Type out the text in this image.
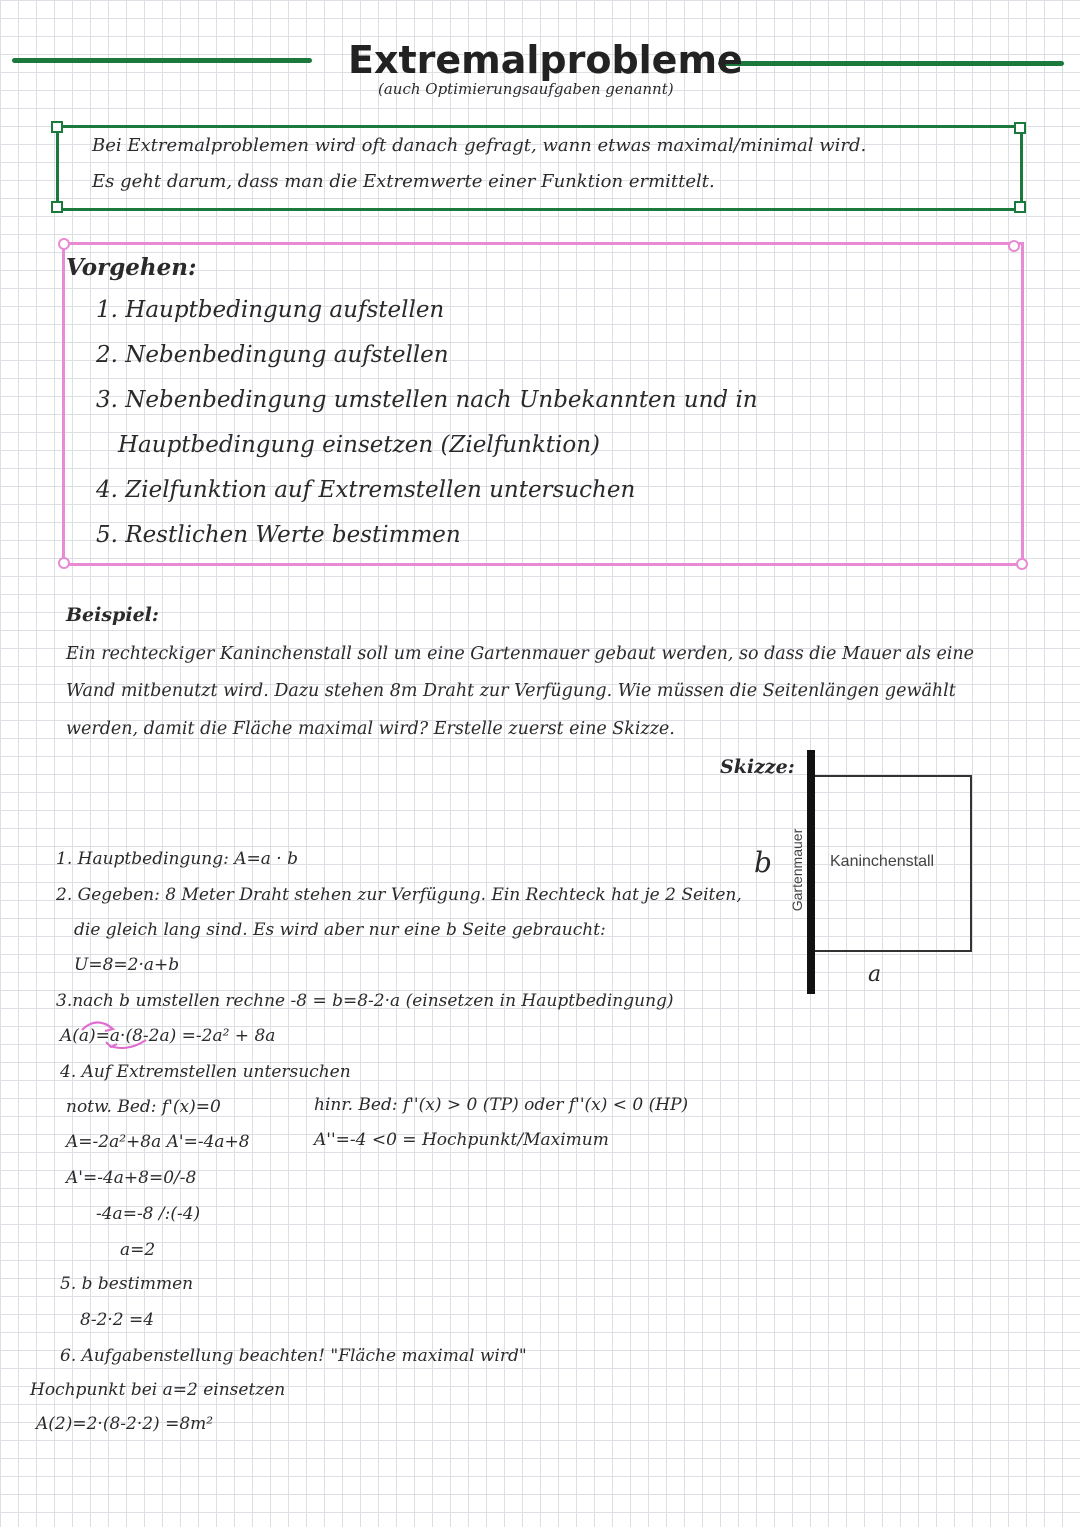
Extremalprobleme
(auch Optimierungsaufgaben genannt)
Bei Extremalproblemen wird oft danach gefragt, wann etwas maximal/minimal wird.
Es geht darum, dass man die Extremwerte einer Funktion ermittelt.
Vorgehen:
1. Hauptbedingung aufstellen
2. Nebenbedingung aufstellen
3. Nebenbedingung umstellen nach Unbekannten und in
Hauptbedingung einsetzen (Zielfunktion)
4. Zielfunktion auf Extremstellen untersuchen
5. Restlichen Werte bestimmen
Beispiel:
Ein rechteckiger Kaninchenstall soll um eine Gartenmauer gebaut werden, so dass die Mauer als eine
Wand mitbenutzt wird. Dazu stehen 8m Draht zur Verfügung. Wie müssen die Seitenlängen gewählt
werden, damit die Fläche maximal wird? Erstelle zuerst eine Skizze.
Skizze:
Gartenmauer Kaninchenstall
b
a
1. Hauptbedingung: A=a · b
2. Gegeben: 8 Meter Draht stehen zur Verfügung. Ein Rechteck hat je 2 Seiten,
die gleich lang sind. Es wird aber nur eine b Seite gebraucht:
U=8=2·a+b
3.nach b umstellen rechne -8 = b=8-2·a (einsetzen in Hauptbedingung)
A(a)=a·(8-2a) =-2a² + 8a
4. Auf Extremstellen untersuchen
notw. Bed: f'(x)=0	hinr. Bed: f''(x) > 0 (TP) oder f''(x) < 0 (HP)
A=-2a²+8a A'=-4a+8	A''=-4 <0 = Hochpunkt/Maximum
A'=-4a+8=0/-8
-4a=-8 /:(-4)
a=2
5. b bestimmen
8-2·2 =4
6. Aufgabenstellung beachten! "Fläche maximal wird"
Hochpunkt bei a=2 einsetzen
A(2)=2·(8-2·2) =8m²
